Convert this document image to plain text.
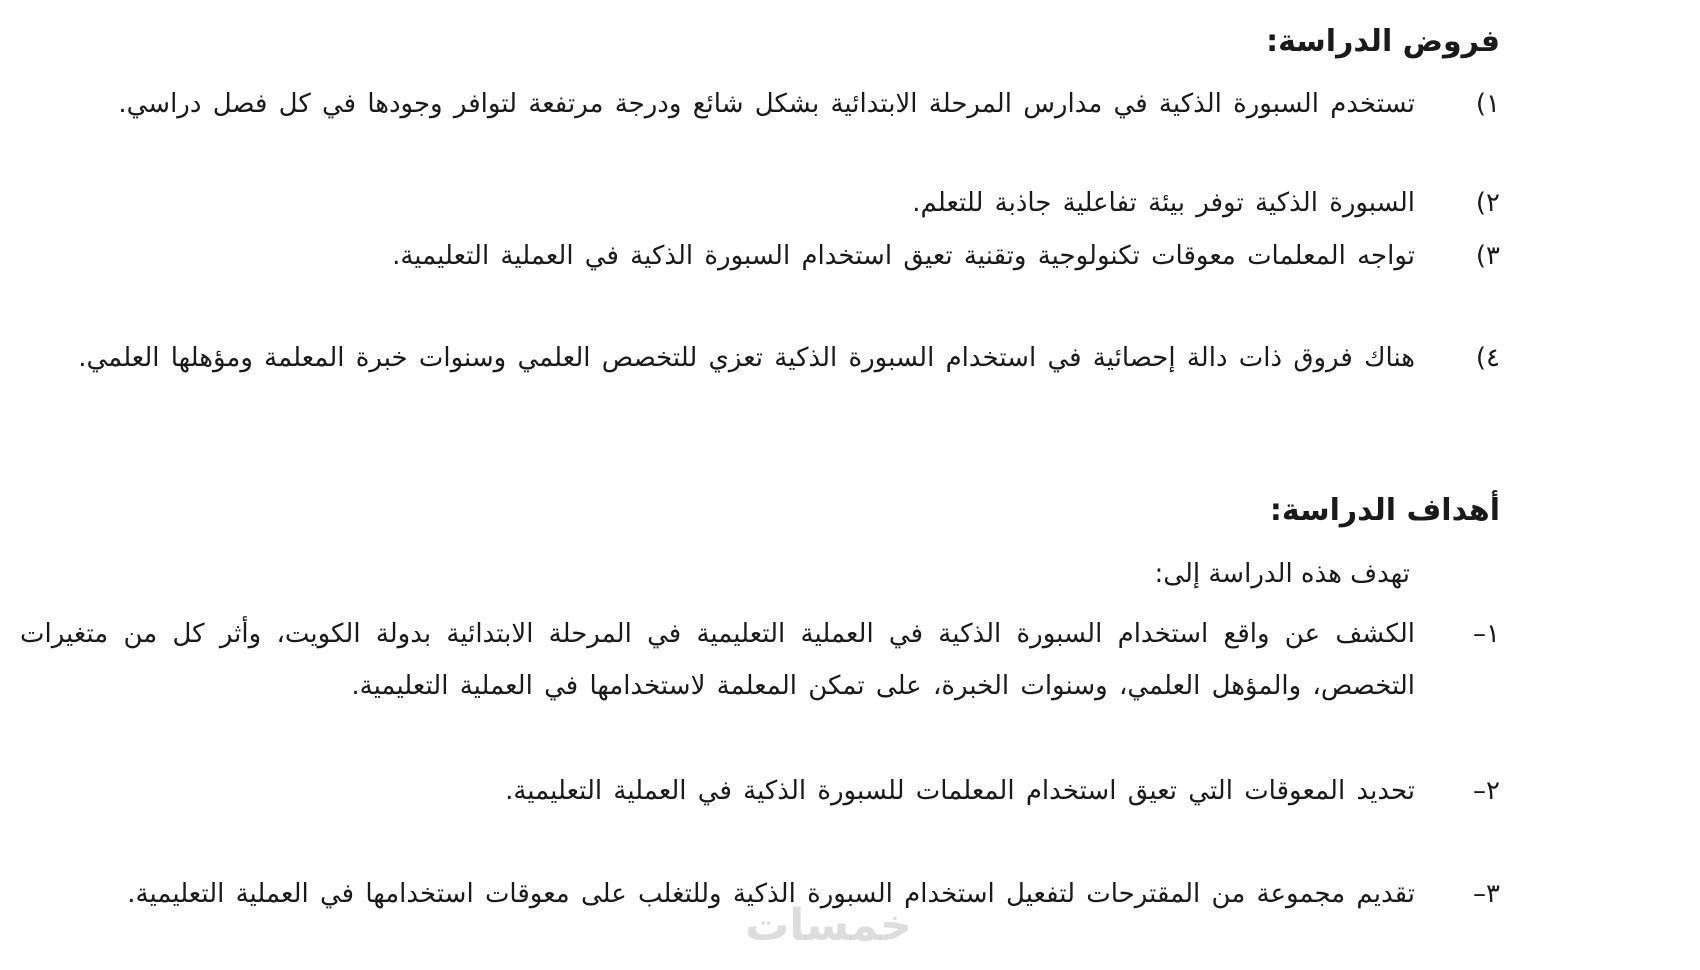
فروض الدراسة:
١)
تستخدم السبورة الذكية في مدارس المرحلة الابتدائية بشكل شائع ودرجة مرتفعة لتوافر وجودها في كل فصل دراسي.
٢)
السبورة الذكية توفر بيئة تفاعلية جاذبة للتعلم.
٣)
تواجه المعلمات معوقات تكنولوجية وتقنية تعيق استخدام السبورة الذكية في العملية التعليمية.
٤)
هناك فروق ذات دالة إحصائية في استخدام السبورة الذكية تعزي للتخصص العلمي وسنوات خبرة المعلمة ومؤهلها العلمي.
أهداف الدراسة:
تهدف هذه الدراسة إلى:
١–
الكشف عن واقع استخدام السبورة الذكية في العملية التعليمية في المرحلة الابتدائية بدولة الكويت، وأثر كل من متغيرات التخصص، والمؤهل العلمي، وسنوات الخبرة، على تمكن المعلمة لاستخدامها في العملية التعليمية.
٢–
تحديد المعوقات التي تعيق استخدام المعلمات للسبورة الذكية في العملية التعليمية.
٣–
تقديم مجموعة من المقترحات لتفعيل استخدام السبورة الذكية وللتغلب على معوقات استخدامها في العملية التعليمية.
خمسات
